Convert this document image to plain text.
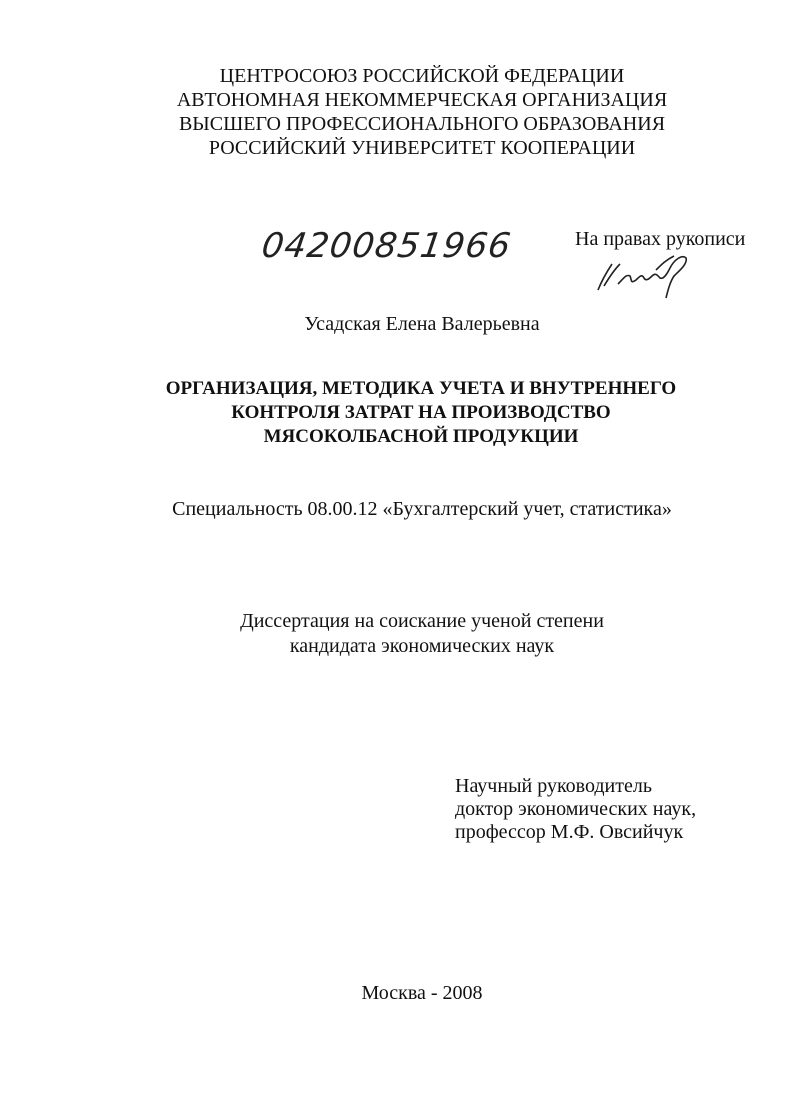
ЦЕНТРОСОЮЗ РОССИЙСКОЙ ФЕДЕРАЦИИ
АВТОНОМНАЯ НЕКОММЕРЧЕСКАЯ ОРГАНИЗАЦИЯ
ВЫСШЕГО ПРОФЕССИОНАЛЬНОГО ОБРАЗОВАНИЯ
РОССИЙСКИЙ УНИВЕРСИТЕТ КООПЕРАЦИИ
04200851966	На правах рукописи
Усадская Елена Валерьевна
ОРГАНИЗАЦИЯ, МЕТОДИКА УЧЕТА И ВНУТРЕННЕГО
КОНТРОЛЯ ЗАТРАТ НА ПРОИЗВОДСТВО
МЯСОКОЛБАСНОЙ ПРОДУКЦИИ
Специальность 08.00.12 «Бухгалтерский учет, статистика»
Диссертация на соискание ученой степени
кандидата экономических наук
Научный руководитель
доктор экономических наук,
профессор М.Ф. Овсийчук
Москва - 2008
